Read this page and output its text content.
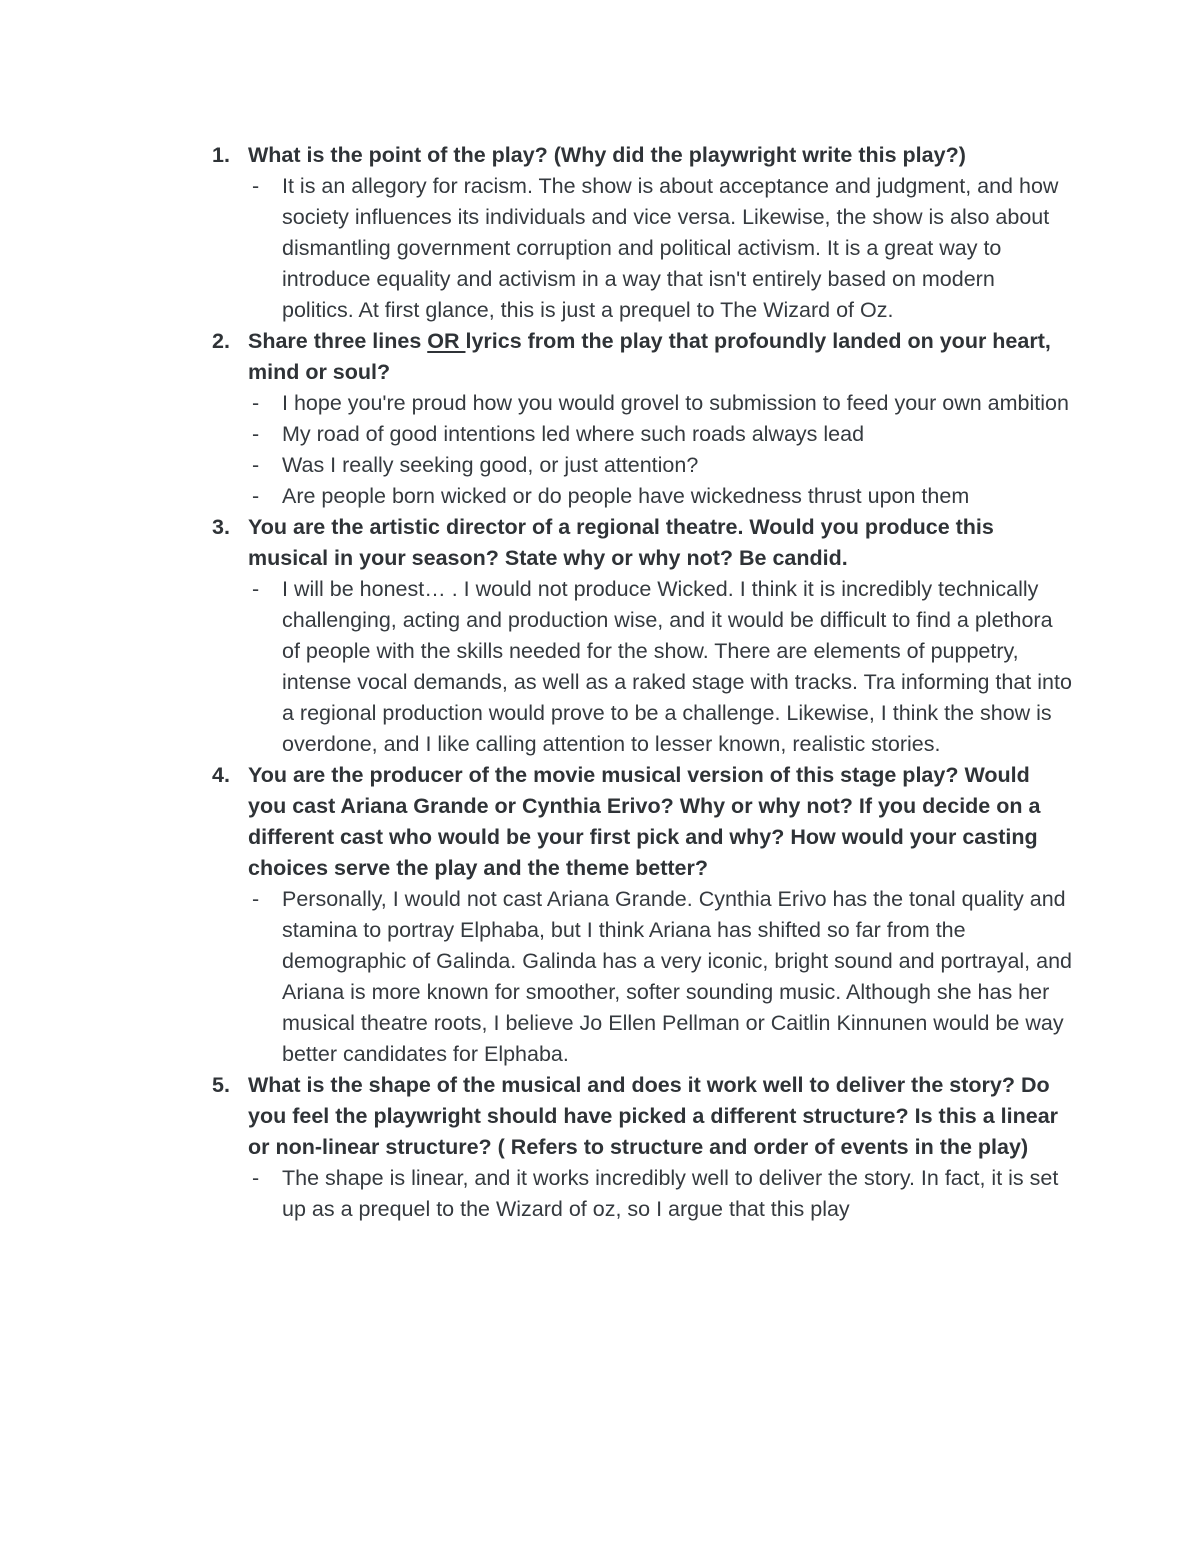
1. What is the point of the play? (Why did the playwright write this play?)
- It is an allegory for racism. The show is about acceptance and judgment, and how society influences its individuals and vice versa. Likewise, the show is also about dismantling government corruption and political activism. It is a great way to introduce equality and activism in a way that isn't entirely based on modern politics. At first glance, this is just a prequel to The Wizard of Oz.
2. Share three lines OR lyrics from the play that profoundly landed on your heart, mind or soul?
- I hope you're proud how you would grovel to submission to feed your own ambition
- My road of good intentions led where such roads always lead
- Was I really seeking good, or just attention?
- Are people born wicked or do people have wickedness thrust upon them
3. You are the artistic director of a regional theatre. Would you produce this musical in your season? State why or why not? Be candid.
- I will be honest… . I would not produce Wicked. I think it is incredibly technically challenging, acting and production wise, and it would be difficult to find a plethora of people with the skills needed for the show. There are elements of puppetry, intense vocal demands, as well as a raked stage with tracks. Tra informing that into a regional production would prove to be a challenge. Likewise, I think the show is overdone, and I like calling attention to lesser known, realistic stories.
4. You are the producer of the movie musical version of this stage play? Would you cast Ariana Grande or Cynthia Erivo? Why or why not? If you decide on a different cast who would be your first pick and why? How would your casting choices serve the play and the theme better?
- Personally, I would not cast Ariana Grande. Cynthia Erivo has the tonal quality and stamina to portray Elphaba, but I think Ariana has shifted so far from the demographic of Galinda. Galinda has a very iconic, bright sound and portrayal, and Ariana is more known for smoother, softer sounding music. Although she has her musical theatre roots, I believe Jo Ellen Pellman or Caitlin Kinnunen would be way better candidates for Elphaba.
5. What is the shape of the musical and does it work well to deliver the story? Do you feel the playwright should have picked a different structure? Is this a linear or non-linear structure? ( Refers to structure and order of events in the play)
- The shape is linear, and it works incredibly well to deliver the story. In fact, it is set up as a prequel to the Wizard of oz, so I argue that this play
